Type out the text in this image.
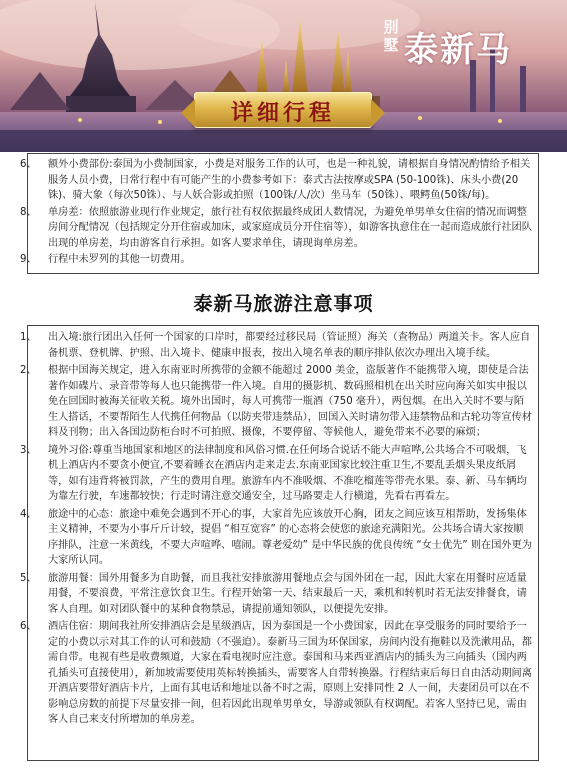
别墅 泰新马
详细行程

6、 额外小费部份:泰国为小费制国家，小费是对服务工作的认可，也是一种礼貌，请根据自身情况酌情给予相关服务人员小费，日常行程中有可能产生的小费参考如下：泰式古法按摩或SPA (50-100铢)、床头小费(20铢)、骑大象（每次50铢）、与人妖合影或拍照（100铢/人/次）坐马车（50铢）、喂鳄鱼(50铢/每)。

8、 单房差：依照旅游业现行作业规定，旅行社有权依据最终成团人数情况，为避免单男单女住宿的情况而调整房间分配情况（包括规定分开住宿或加床，或家庭成员分开住宿等），如游客执意住在一起而造成旅行社团队出现的单房差，均由游客自行承担。如客人要求单住，请现询单房差。

9、 行程中未罗列的其他一切费用。

泰新马旅游注意事项

1、 出入境:旅行团出入任何一个国家的口岸时，都要经过移民局（管证照）海关（查物品）两道关卡。客人应自备机票、登机牌、护照、出入境卡、健康申报表，按出入境名单表的顺序排队依次办理出入境手续。

2、 根据中国海关规定，进入东南亚时所携带的金额不能超过 2000 美金，盗版著作不能携带入境，即使是合法著作如碟片、录音带等每人也只能携带一件入境。自用的摄影机、数码照相机在出关时应向海关如实申报以免在回国时被海关征收关税。境外出国时，每人可携带一瓶酒（750 毫升），两包烟。在出入关时不要与陌生人搭话，不要帮陌生人代携任何物品（以防夹带违禁品），回国入关时请勿带入违禁物品和古轮功等宣传材料及刊物；出入各国边防柜台时不可拍照、摄像，不要停留、等候他人，避免带来不必要的麻烦；

3、 境外习俗:尊重当地国家和地区的法律制度和风俗习惯.在任何场合说话不能大声喧哗,公共场合不可吸烟，飞机上酒店内不要贪小便宜,不要着睡衣在酒店内走来走去.东南亚国家比较注重卫生,不要乱丢烟头果皮纸屑等，如有违背将被罚款，产生的费用自理。旅游车内不准吸烟、不准吃榴莲等带壳水果。泰、新、马车辆均为靠左行驶，车速都较快；行走时请注意交通安全，过马路要走人行横道，先看右再看左。

4、 旅途中的心态：旅途中难免会遇到不开心的事，大家首先应该放开心胸，团友之间应该互相帮助，发扬集体主义精神，不要为小事斤斤计较，提倡 “相互宽容” 的心态将会使您的旅途充满阳光。公共场合请大家按顺序排队，注意一米黄线，不要大声喧哗、嘻闹。尊老爱幼” 是中华民族的优良传统 “女士优先” 则在国外更为大家所认同。

5、 旅游用餐：国外用餐多为自助餐，而且我社安排旅游用餐地点会与国外团在一起，因此大家在用餐时应适量用餐，不要浪费，平常注意饮食卫生。行程开始第一天、结束最后一天，乘机和转机时若无法安排餐食，请客人自理。如对团队餐中的某种食物禁忌，请提前通知领队，以便提先安排。

6、 酒店住宿：期间我社所安排酒店会是星级酒店，因为泰国是一个小费国家，因此在享受服务的同时要给予一定的小费以示对其工作的认可和鼓励（不强迫）。泰新马三国为环保国家，房间内没有拖鞋以及洗漱用品，都需自带。电视有些是收费频道，大家在看电视时应注意。泰国和马来西亚酒店内的插头为三向插头（国内两孔插头可直接使用），新加坡需要使用英标转换插头，需要客人自带转换器。行程结束后每日自由活动期间离开酒店要带好酒店卡片，上面有其电话和地址以备不时之需，原则上安排同性 2 人一间，夫妻团员可以在不影响总房数的前提下尽量安排一间，但若因此出现单男单女，导游或领队有权调配。若客人坚持已见，需由客人自己来支付所增加的单房差。
